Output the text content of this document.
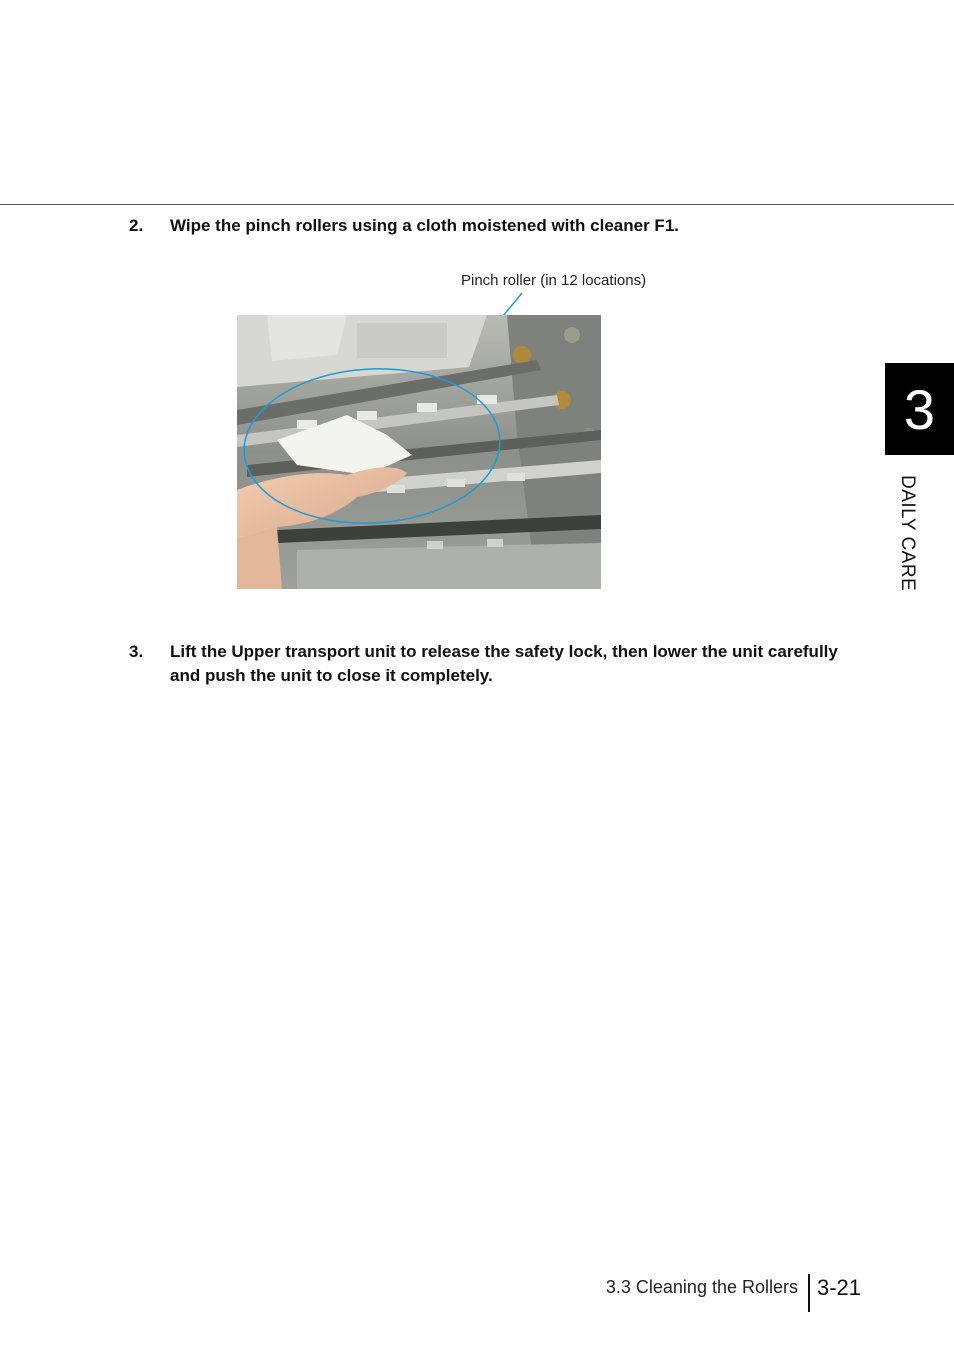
2. Wipe the pinch rollers using a cloth moistened with cleaner F1.
Pinch roller (in 12 locations)
3. Lift the Upper transport unit to release the safety lock, then lower the unit carefully and push the unit to close it completely.
3
DAILY CARE
3.3 Cleaning the Rollers 3-21
